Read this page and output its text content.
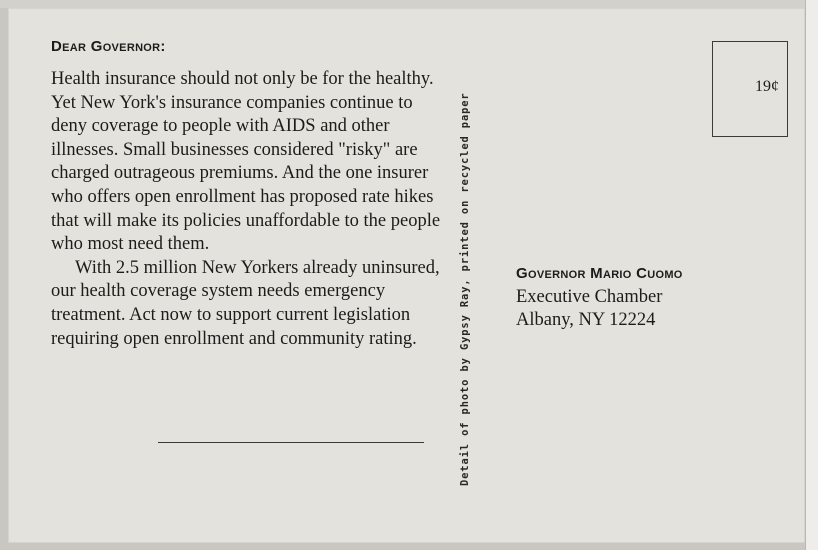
Dear Governor:

Health insurance should not only be for the healthy. Yet New York's insurance companies continue to deny coverage to people with AIDS and other illnesses. Small businesses considered "risky" are charged outrageous premiums. And the one insurer who offers open enrollment has proposed rate hikes that will make its policies unaffordable to the people who most need them.

With 2.5 million New Yorkers already uninsured, our health coverage system needs emergency treatment. Act now to support current legislation requiring open enrollment and community rating.	Detail of photo by Gypsy Ray, printed on recycled paper
19¢
Governor Mario Cuomo
Executive Chamber
Albany, NY 12224
